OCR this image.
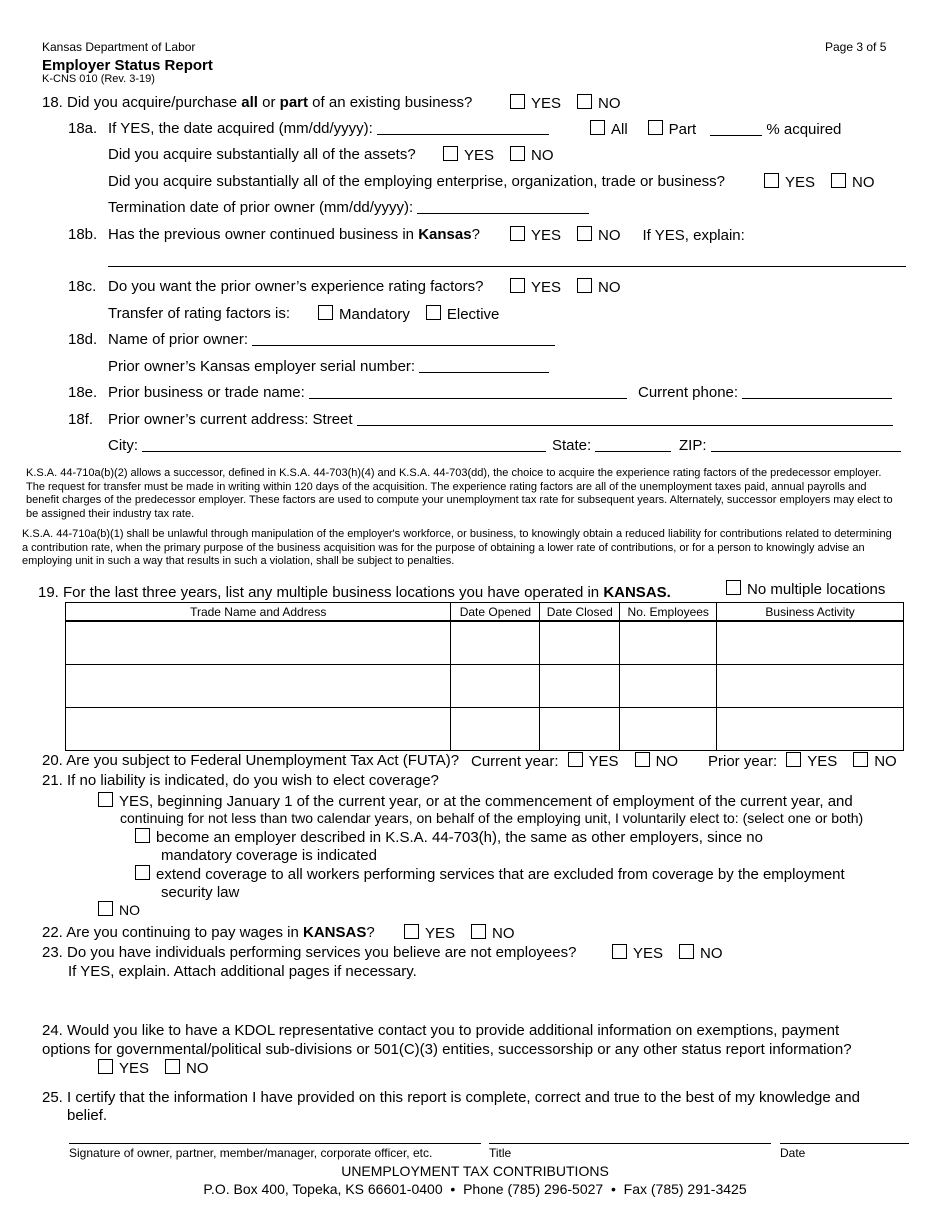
Kansas Department of Labor
Employer Status Report
K-CNS 010 (Rev. 3-19)
Page 3 of 5
18. Did you acquire/purchase all or part of an existing business?	YES NO
18a. If YES, the date acquired (mm/dd/yyyy):	All	Part	% acquired
Did you acquire substantially all of the assets?	YES NO
Did you acquire substantially all of the employing enterprise, organization, trade or business?	YES NO
Termination date of prior owner (mm/dd/yyyy):
18b. Has the previous owner continued business in Kansas?	YES NO If YES, explain:
18c. Do you want the prior owner’s experience rating factors?	YES NO
Transfer of rating factors is:	Mandatory Elective
18d. Name of prior owner:
Prior owner’s Kansas employer serial number:
18e. Prior business or trade name:	Current phone:
18f. Prior owner’s current address: Street
City:	State:	ZIP:
K.S.A. 44-710a(b)(2) allows a successor, defined in K.S.A. 44-703(h)(4) and K.S.A. 44-703(dd), the choice to acquire the experience rating factors of the predecessor employer. The request for transfer must be made in writing within 120 days of the acquisition. The experience rating factors are all of the unemployment taxes paid, annual payrolls and benefit charges of the predecessor employer. These factors are used to compute your unemployment tax rate for subsequent years. Alternately, successor employers may elect to be assigned their industry tax rate.
K.S.A. 44-710a(b)(1) shall be unlawful through manipulation of the employer's workforce, or business, to knowingly obtain a reduced liability for contributions related to determining a contribution rate, when the primary purpose of the business acquisition was for the purpose of obtaining a lower rate of contributions, or for a person to knowingly advise an employing unit in such a way that results in such a violation, shall be subject to penalties.
19. For the last three years, list any multiple business locations you have operated in KANSAS.	No multiple locations
Trade Name and Address	Date Opened	Date Closed	No. Employees	Business Activity

20. Are you subject to Federal Unemployment Tax Act (FUTA)? Current year: YES NO Prior year: YES NO
21. If no liability is indicated, do you wish to elect coverage?
YES, beginning January 1 of the current year, or at the commencement of employment of the current year, and
continuing for not less than two calendar years, on behalf of the employing unit, I voluntarily elect to: (select one or both)
become an employer described in K.S.A. 44-703(h), the same as other employers, since no
mandatory coverage is indicated
extend coverage to all workers performing services that are excluded from coverage by the employment
security law
NO
22. Are you continuing to pay wages in KANSAS?	YES NO
23. Do you have individuals performing services you believe are not employees?	YES NO
If YES, explain. Attach additional pages if necessary.
24. Would you like to have a KDOL representative contact you to provide additional information on exemptions, payment
options for governmental/political sub-divisions or 501(C)(3) entities, successorship or any other status report information?
YES NO
25. I certify that the information I have provided on this report is complete, correct and true to the best of my knowledge and
belief.
Signature of owner, partner, member/manager, corporate officer, etc.	Title	Date
UNEMPLOYMENT TAX CONTRIBUTIONS
P.O. Box 400, Topeka, KS 66601-0400  •  Phone (785) 296-5027  •  Fax (785) 291-3425
